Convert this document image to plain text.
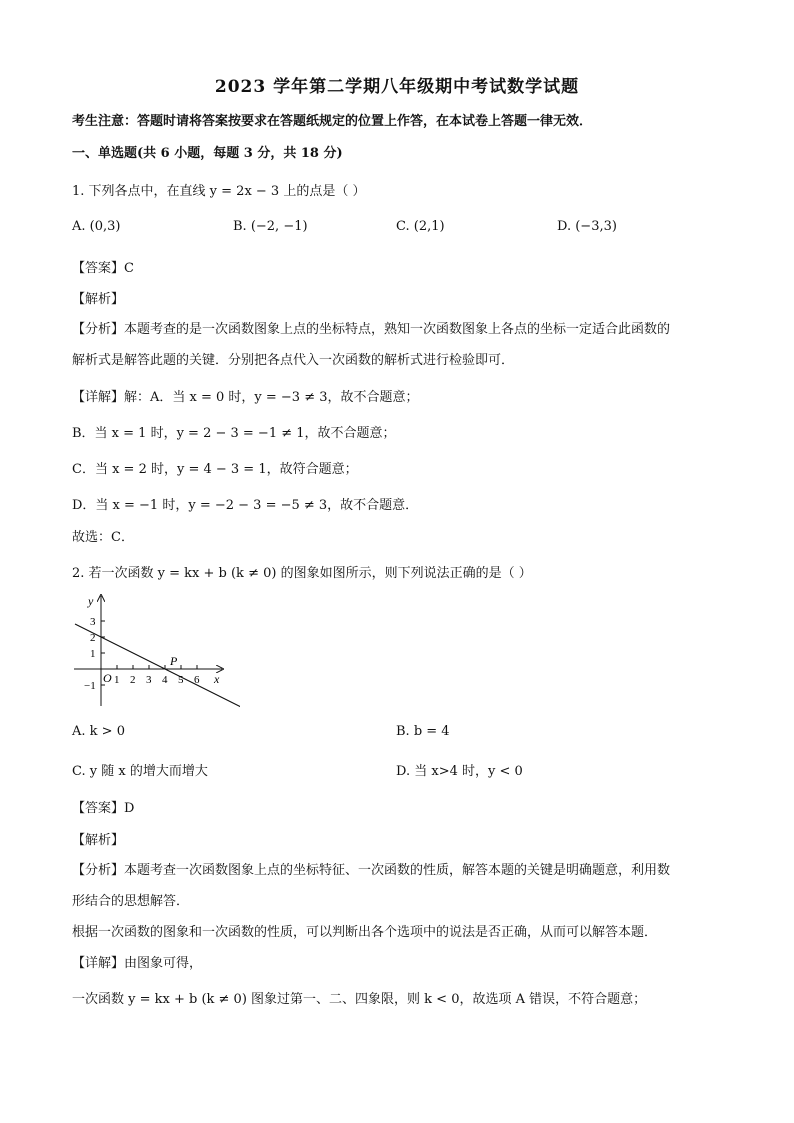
2023 学年第二学期八年级期中考试数学试题
考生注意：答题时请将答案按要求在答题纸规定的位置上作答，在本试卷上答题一律无效．
一、单选题(共 6 小题，每题 3 分，共 18 分)
1. 下列各点中，在直线 y = 2x − 3 上的点是（ ）
A. (0,3)	B. (−2, −1)	C. (2,1)	D. (−3,3)
【答案】C
【解析】
【分析】本题考查的是一次函数图象上点的坐标特点，熟知一次函数图象上各点的坐标一定适合此函数的
解析式是解答此题的关键．分别把各点代入一次函数的解析式进行检验即可．
【详解】解：A．当 x = 0 时，y = −3 ≠ 3，故不合题意；
B．当 x = 1 时，y = 2 − 3 = −1 ≠ 1，故不合题意；
C．当 x = 2 时，y = 4 − 3 = 1，故符合题意；
D．当 x = −1 时，y = −2 − 3 = −5 ≠ 3，故不合题意．
故选：C．
2. 若一次函数 y = kx + b (k ≠ 0) 的图象如图所示，则下列说法正确的是（ ）
y
x
O
P
3
2
1
−1 1 2 3 4 5 6
A. k > 0	B. b = 4
C. y 随 x 的增大而增大	D. 当 x>4 时，y < 0
【答案】D
【解析】
【分析】本题考查一次函数图象上点的坐标特征、一次函数的性质，解答本题的关键是明确题意，利用数
形结合的思想解答．
根据一次函数的图象和一次函数的性质，可以判断出各个选项中的说法是否正确，从而可以解答本题．
【详解】由图象可得，
一次函数 y = kx + b (k ≠ 0) 图象过第一、二、四象限，则 k < 0，故选项 A 错误，不符合题意；
